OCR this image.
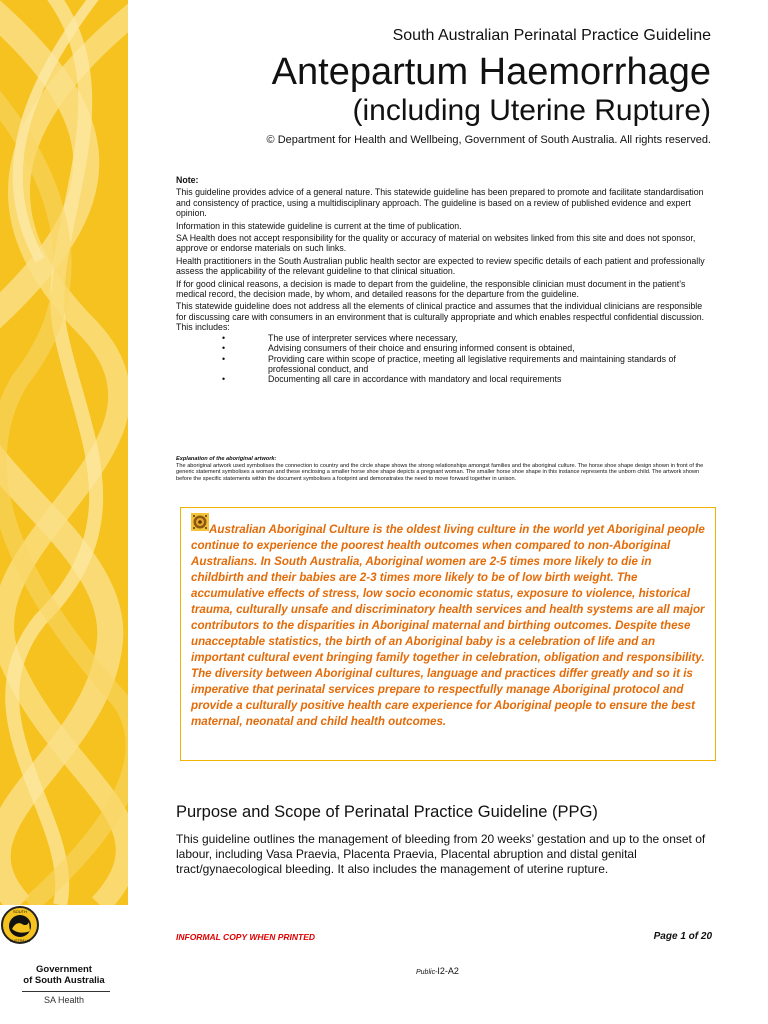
SOUTH
AUSTRALIA
Government
of South Australia
SA Health
South Australian Perinatal Practice Guideline
Antepartum Haemorrhage
(including Uterine Rupture)
© Department for Health and Wellbeing, Government of South Australia. All rights reserved.

Note:

This guideline provides advice of a general nature. This statewide guideline has been prepared to promote and facilitate standardisation and consistency of practice, using a multidisciplinary approach. The guideline is based on a review of published evidence and expert opinion.

Information in this statewide guideline is current at the time of publication.

SA Health does not accept responsibility for the quality or accuracy of material on websites linked from this site and does not sponsor, approve or endorse materials on such links.

Health practitioners in the South Australian public health sector are expected to review specific details of each patient and professionally assess the applicability of the relevant guideline to that clinical situation.

If for good clinical reasons, a decision is made to depart from the guideline, the responsible clinician must document in the patient’s medical record, the decision made, by whom, and detailed reasons for the departure from the guideline.

This statewide guideline does not address all the elements of clinical practice and assumes that the individual clinicians are responsible for discussing care with consumers in an environment that is culturally appropriate and which enables respectful confidential discussion. This includes:

•	The use of interpreter services where necessary,
•	Advising consumers of their choice and ensuring informed consent is obtained,
•	Providing care within scope of practice, meeting all legislative requirements and maintaining standards of professional conduct, and
•	Documenting all care in accordance with mandatory and local requirements

Explanation of the aboriginal artwork:

The aboriginal artwork used symbolises the connection to country and the circle shape shows the strong relationships amongst families and the aboriginal culture. The horse shoe shape design shown in front of the generic statement symbolises a woman and these enclosing a smaller horse shoe shape depicts a pregnant woman. The smaller horse shoe shape in this instance represents the unborn child. The artwork shown before the specific statements within the document symbolises a footprint and demonstrates the need to move forward together in unison.

Australian Aboriginal Culture is the oldest living culture in the world yet Aboriginal people continue to experience the poorest health outcomes when compared to non-Aboriginal Australians. In South Australia, Aboriginal women are 2-5 times more likely to die in childbirth and their babies are 2-3 times more likely to be of low birth weight. The accumulative effects of stress, low socio economic status, exposure to violence, historical trauma, culturally unsafe and discriminatory health services and health systems are all major contributors to the disparities in Aboriginal maternal and birthing outcomes. Despite these unacceptable statistics, the birth of an Aboriginal baby is a celebration of life and an important cultural event bringing family together in celebration, obligation and responsibility. The diversity between Aboriginal cultures, language and practices differ greatly and so it is imperative that perinatal services prepare to respectfully manage Aboriginal protocol and provide a culturally positive health care experience for Aboriginal people to ensure the best maternal, neonatal and child health outcomes.
Purpose and Scope of Perinatal Practice Guideline (PPG)
This guideline outlines the management of bleeding from 20 weeks’ gestation and up to the onset of labour, including Vasa Praevia, Placenta Praevia, Placental abruption and distal genital tract/gynaecological bleeding. It also includes the management of uterine rupture.
INFORMAL COPY WHEN PRINTED	Page 1 of 20
Public-I2-A2
